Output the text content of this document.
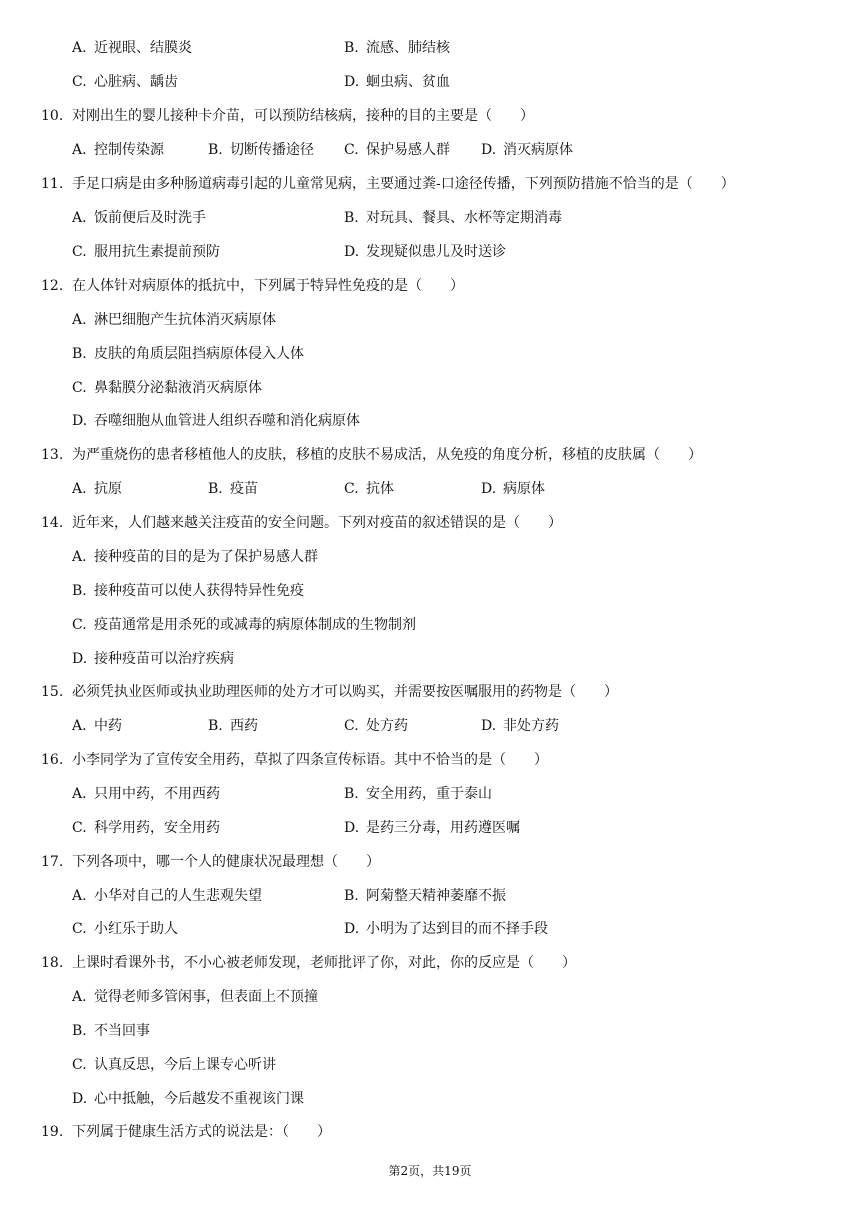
A. 近视眼、结膜炎	B. 流感、肺结核
C. 心脏病、龋齿	D. 蛔虫病、贫血
10. 对刚出生的婴儿接种卡介苗，可以预防结核病，接种的目的主要是（　　）
A. 控制传染源	B. 切断传播途径 C. 保护易感人群 D. 消灭病原体
11. 手足口病是由多种肠道病毒引起的儿童常见病，主要通过粪-口途径传播，下列预防措施不恰当的是（　　）
A. 饭前便后及时洗手	B. 对玩具、餐具、水杯等定期消毒
C. 服用抗生素提前预防	D. 发现疑似患儿及时送诊
12. 在人体针对病原体的抵抗中，下列属于特异性免疫的是（　　）
A. 淋巴细胞产生抗体消灭病原体
B. 皮肤的角质层阻挡病原体侵入人体
C. 鼻黏膜分泌黏液消灭病原体
D. 吞噬细胞从血管进人组织吞噬和消化病原体
13. 为严重烧伤的患者移植他人的皮肤，移植的皮肤不易成活，从免疫的角度分析，移植的皮肤属（　　）
A. 抗原	B. 疫苗	C. 抗体	D. 病原体
14. 近年来，人们越来越关注疫苗的安全问题。下列对疫苗的叙述错误的是（　　）
A. 接种疫苗的目的是为了保护易感人群
B. 接种疫苗可以使人获得特异性免疫
C. 疫苗通常是用杀死的或减毒的病原体制成的生物制剂
D. 接种疫苗可以治疗疾病
15. 必须凭执业医师或执业助理医师的处方才可以购买，并需要按医嘱服用的药物是（　　）
A. 中药	B. 西药	C. 处方药	D. 非处方药
16. 小李同学为了宣传安全用药，草拟了四条宣传标语。其中不恰当的是（　　）
A. 只用中药，不用西药	B. 安全用药，重于泰山
C. 科学用药，安全用药	D. 是药三分毒，用药遵医嘱
17. 下列各项中，哪一个人的健康状况最理想（　　）
A. 小华对自己的人生悲观失望	B. 阿菊整天精神萎靡不振
C. 小红乐于助人	D. 小明为了达到目的而不择手段
18. 上课时看课外书，不小心被老师发现，老师批评了你，对此，你的反应是（　　）
A. 觉得老师多管闲事，但表面上不顶撞
B. 不当回事
C. 认真反思，今后上课专心听讲
D. 心中抵触，今后越发不重视该门课
19. 下列属于健康生活方式的说法是：（　　）
第2页，共19页
